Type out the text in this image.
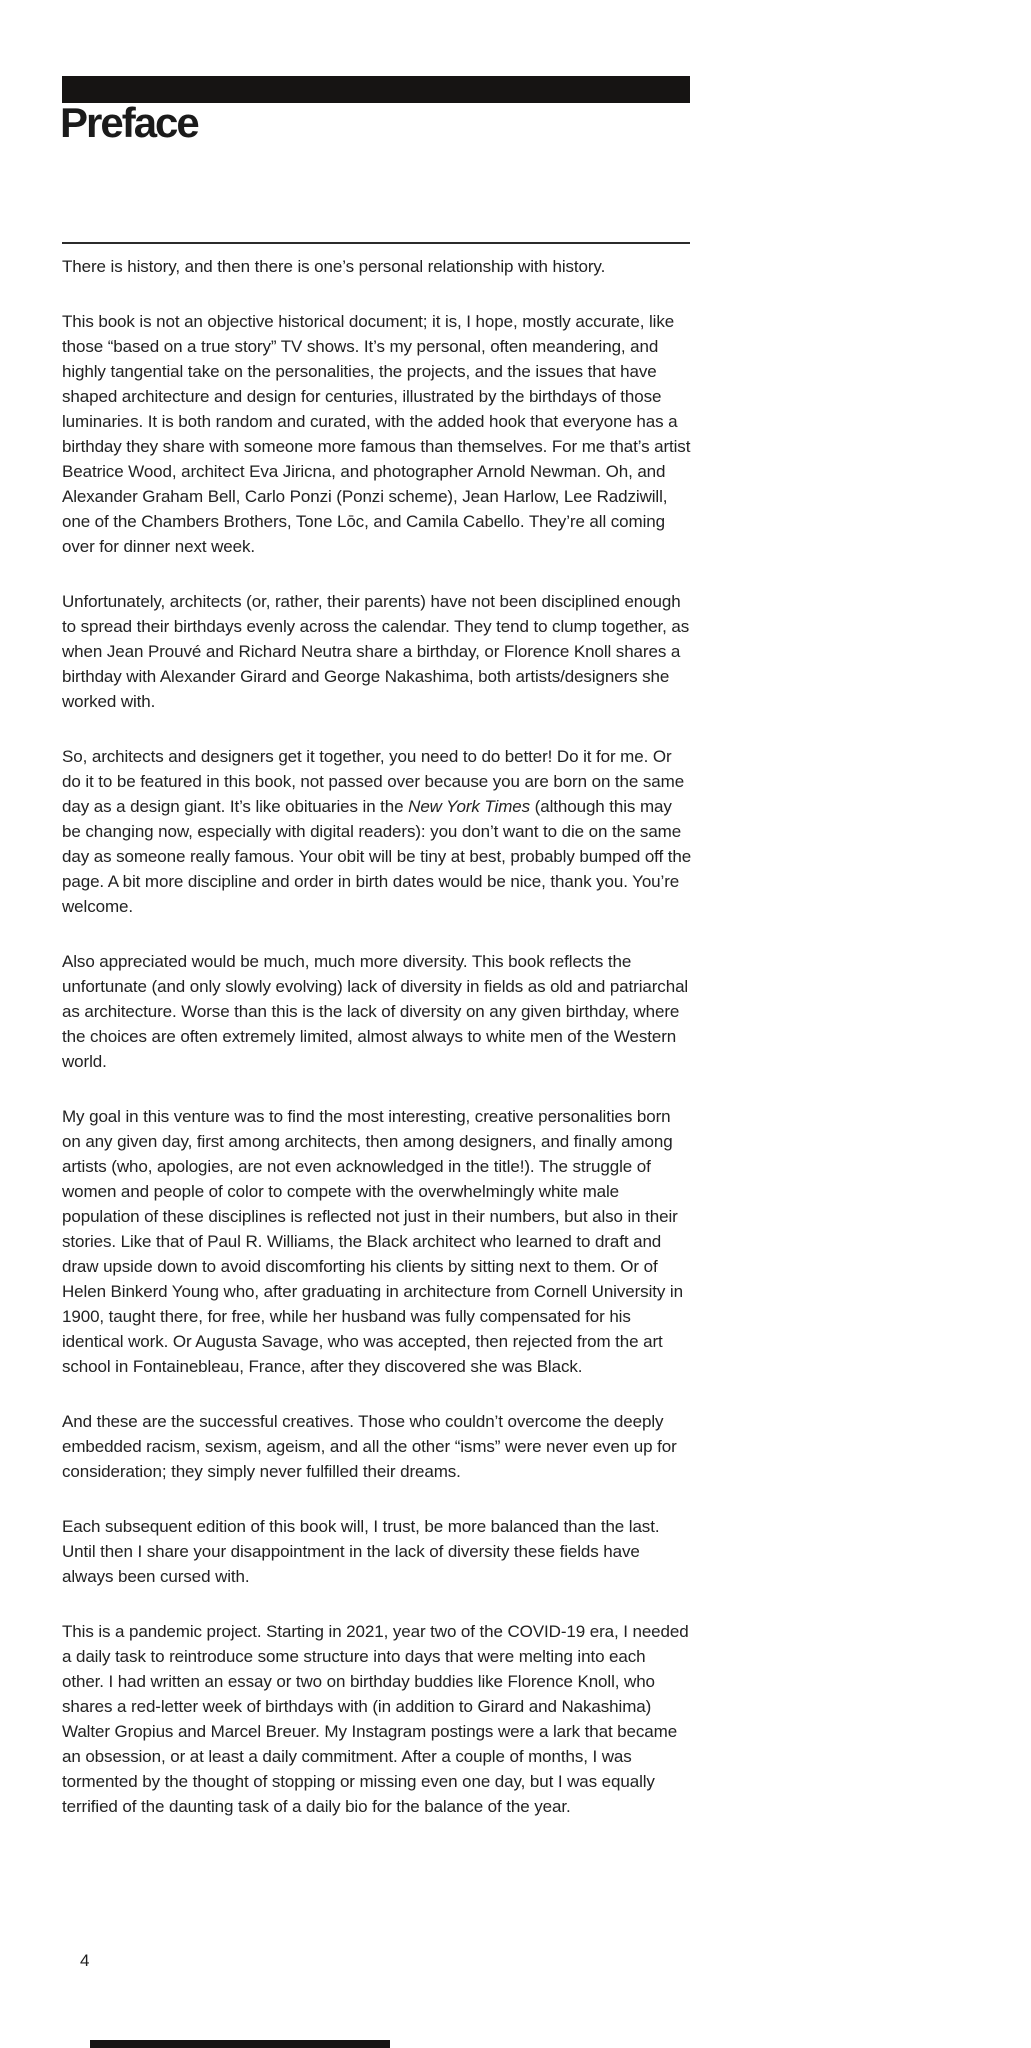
Preface

There is history, and then there is one’s personal relationship with history.

This book is not an objective historical document; it is, I hope, mostly accurate, like those “based on a true story” TV shows. It’s my personal, often meandering, and highly tangential take on the personalities, the projects, and the issues that have shaped architecture and design for centuries, illustrated by the birthdays of those luminaries. It is both random and curated, with the added hook that everyone has a birthday they share with someone more famous than themselves. For me that’s artist Beatrice Wood, architect Eva Jiricna, and photographer Arnold Newman. Oh, and Alexander Graham Bell, Carlo Ponzi (Ponzi scheme), Jean Harlow, Lee Radziwill, one of the Chambers Brothers, Tone Lōc, and Camila Cabello. They’re all coming over for dinner next week.

Unfortunately, architects (or, rather, their parents) have not been disciplined enough to spread their birthdays evenly across the calendar. They tend to clump together, as when Jean Prouvé and Richard Neutra share a birthday, or Florence Knoll shares a birthday with Alexander Girard and George Nakashima, both artists/designers she worked with.

So, architects and designers get it together, you need to do better! Do it for me. Or do it to be featured in this book, not passed over because you are born on the same day as a design giant. It’s like obituaries in the New York Times (although this may be changing now, especially with digital readers): you don’t want to die on the same day as someone really famous. Your obit will be tiny at best, probably bumped off the page. A bit more discipline and order in birth dates would be nice, thank you. You’re welcome.

Also appreciated would be much, much more diversity. This book reflects the unfortunate (and only slowly evolving) lack of diversity in fields as old and patriarchal as architecture. Worse than this is the lack of diversity on any given birthday, where the choices are often extremely limited, almost always to white men of the Western world.

My goal in this venture was to find the most interesting, creative personalities born on any given day, first among architects, then among designers, and finally among artists (who, apologies, are not even acknowledged in the title!). The struggle of women and people of color to compete with the overwhelmingly white male population of these disciplines is reflected not just in their numbers, but also in their stories. Like that of Paul R. Williams, the Black architect who learned to draft and draw upside down to avoid discomforting his clients by sitting next to them. Or of Helen Binkerd Young who, after graduating in architecture from Cornell University in 1900, taught there, for free, while her husband was fully compensated for his identical work. Or Augusta Savage, who was accepted, then rejected from the art school in Fontainebleau, France, after they discovered she was Black.

And these are the successful creatives. Those who couldn’t overcome the deeply embedded racism, sexism, ageism, and all the other “isms” were never even up for consideration; they simply never fulfilled their dreams.

Each subsequent edition of this book will, I trust, be more balanced than the last. Until then I share your disappointment in the lack of diversity these fields have always been cursed with.

This is a pandemic project. Starting in 2021, year two of the COVID-19 era, I needed a daily task to reintroduce some structure into days that were melting into each other. I had written an essay or two on birthday buddies like Florence Knoll, who shares a red-letter week of birthdays with (in addition to Girard and Nakashima) Walter Gropius and Marcel Breuer. My Instagram postings were a lark that became an obsession, or at least a daily commitment. After a couple of months, I was tormented by the thought of stopping or missing even one day, but I was equally terrified of the daunting task of a daily bio for the balance of the year.

4
